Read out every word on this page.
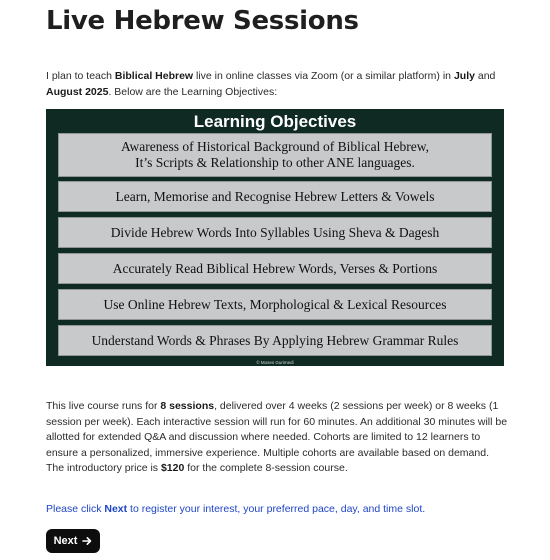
Live Hebrew Sessions

I plan to teach Biblical Hebrew live in online classes via Zoom (or a similar platform) in July and August 2025. Below are the Learning Objectives:

Learning Objectives
Awareness of Historical Background of Biblical Hebrew,
It’s Scripts & Relationship to other ANE languages.
Learn, Memorise and Recognise Hebrew Letters & Vowels
Divide Hebrew Words Into Syllables Using Sheva & Dagesh
Accurately Read Biblical Hebrew Words, Verses & Portions
Use Online Hebrew Texts, Morphological & Lexical Resources
Understand Words & Phrases By Applying Hebrew Grammar Rules
© Moses Gurimedi

This live course runs for 8 sessions, delivered over 4 weeks (2 sessions per week) or 8 weeks (1 session per week). Each interactive session will run for 60 minutes. An additional 30 minutes will be allotted for extended Q&A and discussion where needed. Cohorts are limited to 12 learners to ensure a personalized, immersive experience. Multiple cohorts are available based on demand. The introductory price is $120 for the complete 8-session course.

Please click Next to register your interest, your preferred pace, day, and time slot.

Next
